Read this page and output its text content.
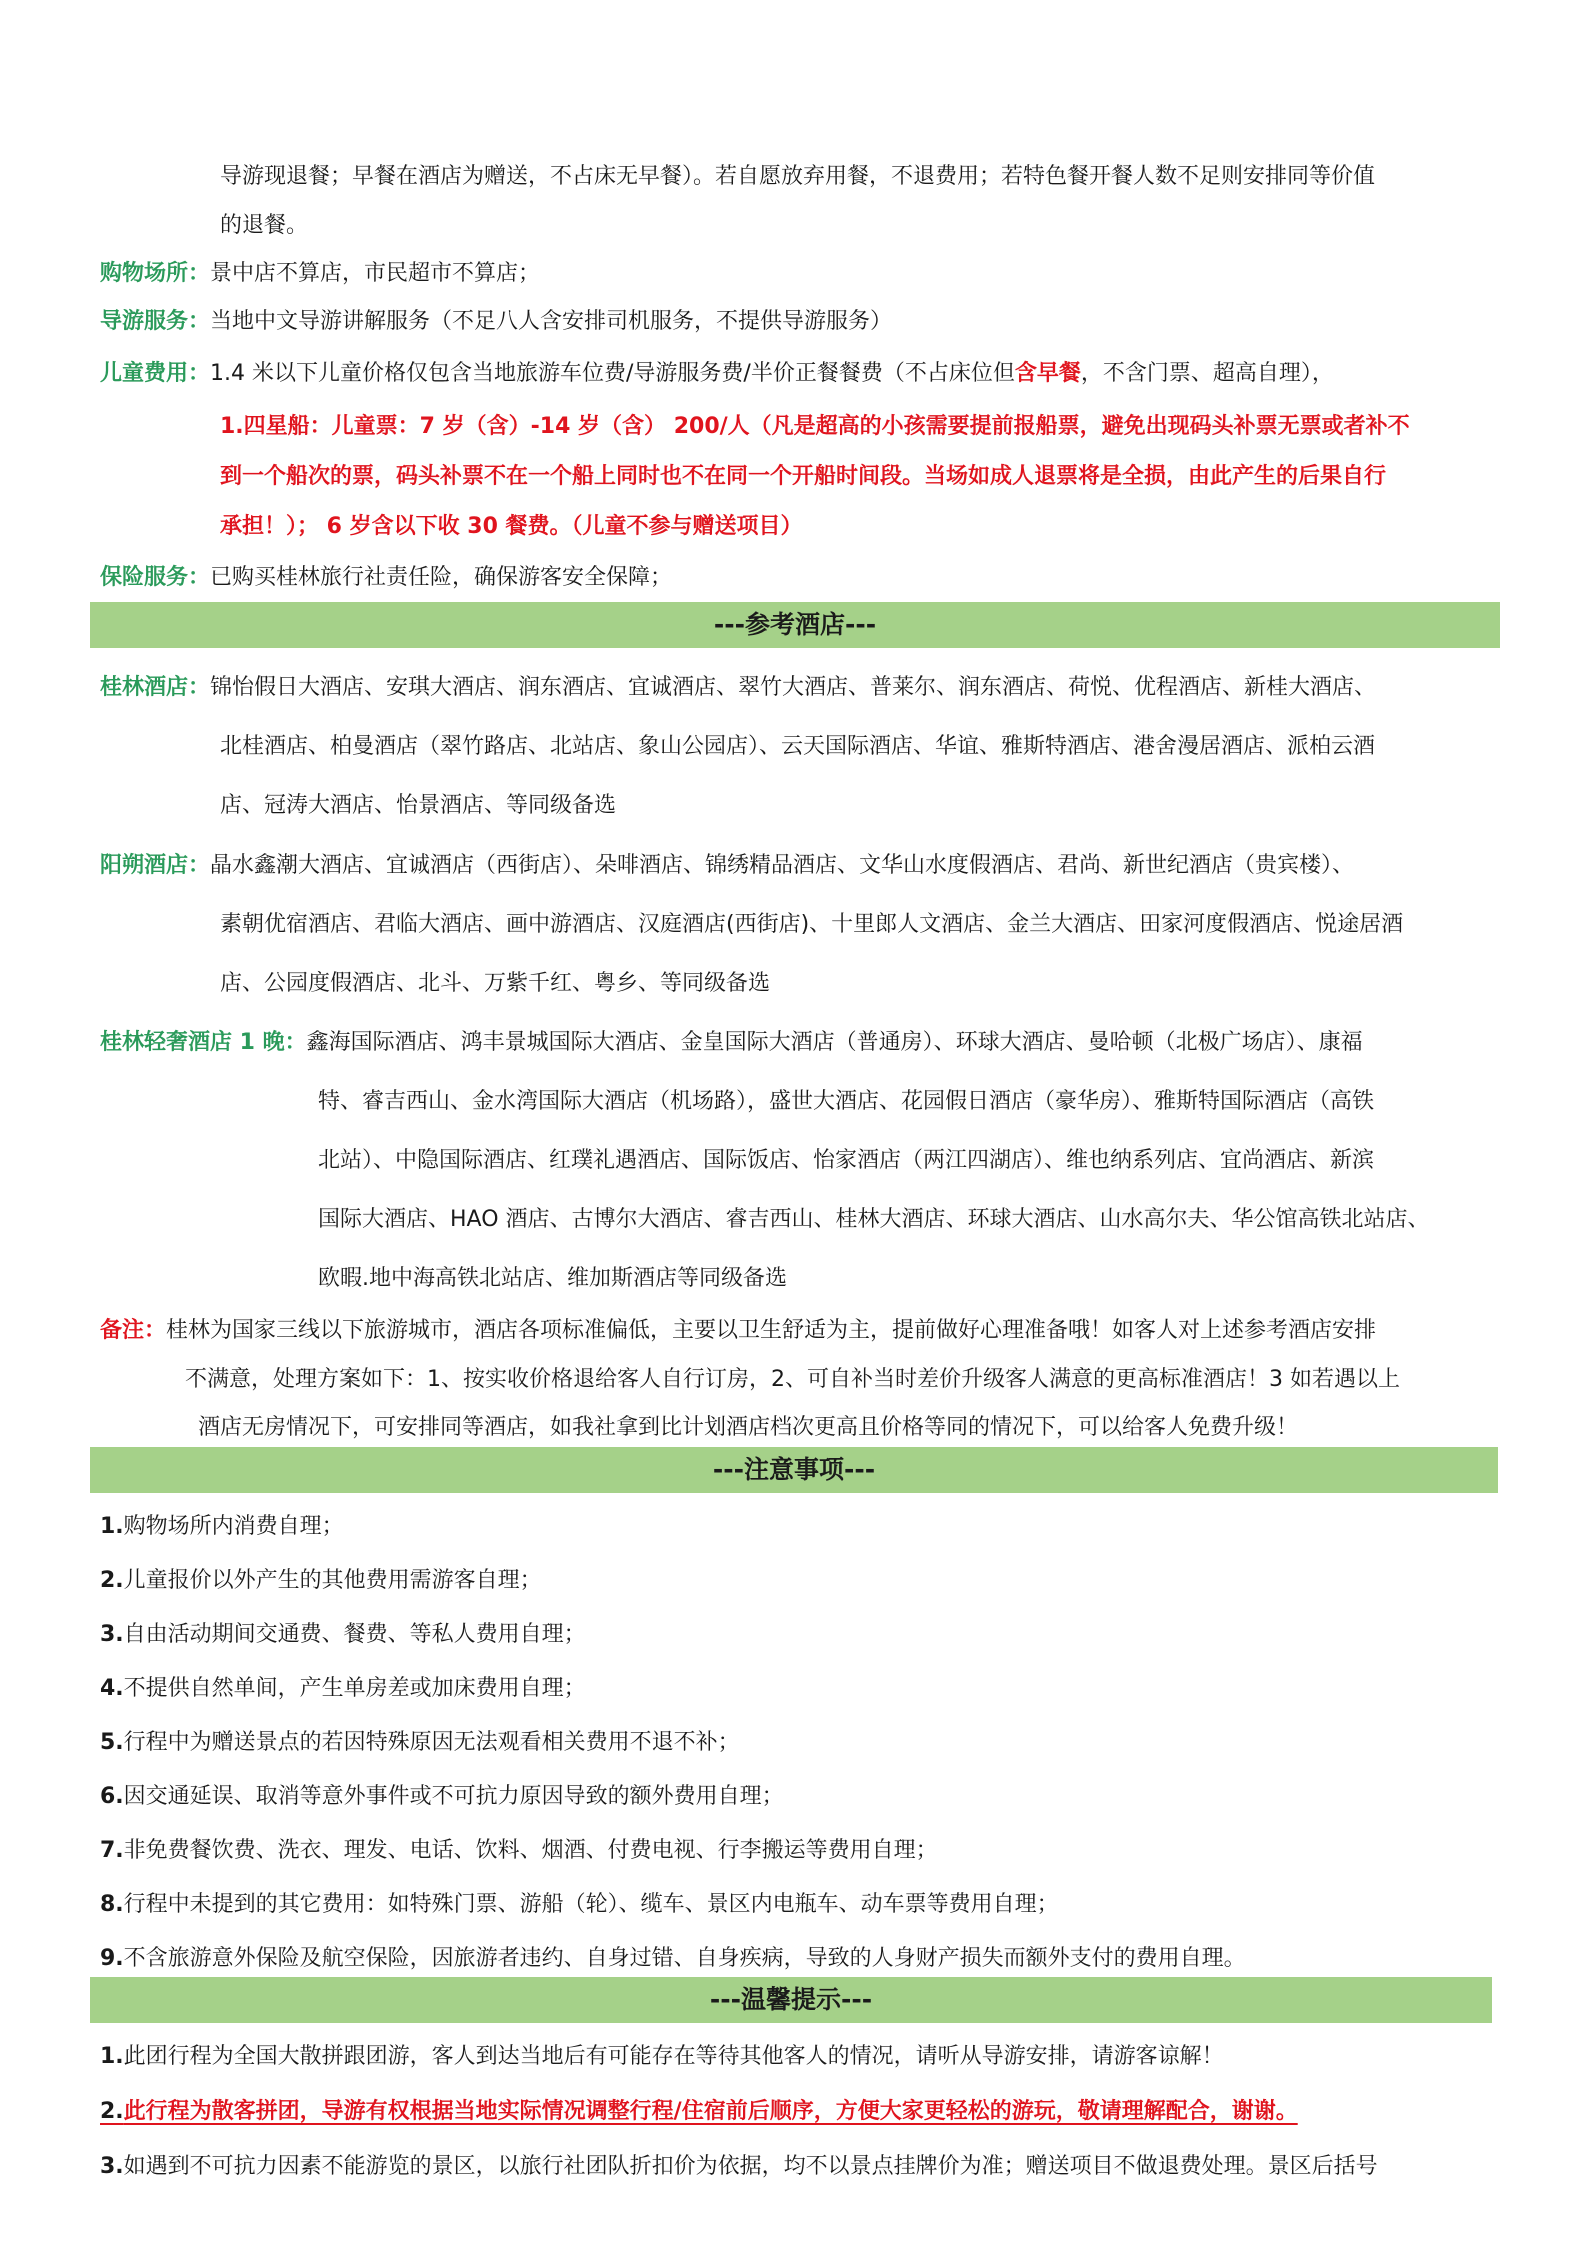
导游现退餐；早餐在酒店为赠送，不占床无早餐）。若自愿放弃用餐，不退费用；若特色餐开餐人数不足则安排同等价值
的退餐。
购物场所：景中店不算店，市民超市不算店；
导游服务：当地中文导游讲解服务（不足八人含安排司机服务，不提供导游服务）
儿童费用：1.4 米以下儿童价格仅包含当地旅游车位费/导游服务费/半价正餐餐费（不占床位但含早餐，不含门票、超高自理），
1.四星船：儿童票：7 岁（含）-14 岁（含） 200/人（凡是超高的小孩需要提前报船票，避免出现码头补票无票或者补不
到一个船次的票，码头补票不在一个船上同时也不在同一个开船时间段。当场如成人退票将是全损，由此产生的后果自行
承担！）； 6 岁含以下收 30 餐费。（儿童不参与赠送项目）
保险服务：已购买桂林旅行社责任险，确保游客安全保障；
---参考酒店---
桂林酒店：锦怡假日大酒店、安琪大酒店、润东酒店、宜诚酒店、翠竹大酒店、普莱尔、润东酒店、荷悦、优程酒店、新桂大酒店、
北桂酒店、柏曼酒店（翠竹路店、北站店、象山公园店）、云天国际酒店、华谊、雅斯特酒店、港舍漫居酒店、派柏云酒
店、冠涛大酒店、怡景酒店、等同级备选
阳朔酒店：晶水鑫潮大酒店、宜诚酒店（西街店）、朵啡酒店、锦绣精品酒店、文华山水度假酒店、君尚、新世纪酒店（贵宾楼）、
素朝优宿酒店、君临大酒店、画中游酒店、汉庭酒店(西街店)、十里郎人文酒店、金兰大酒店、田家河度假酒店、悦途居酒
店、公园度假酒店、北斗、万紫千红、粤乡、等同级备选
桂林轻奢酒店 1 晚：鑫海国际酒店、鸿丰景城国际大酒店、金皇国际大酒店（普通房）、环球大酒店、曼哈顿（北极广场店）、康福
特、睿吉西山、金水湾国际大酒店（机场路），盛世大酒店、花园假日酒店（豪华房）、雅斯特国际酒店（高铁
北站）、中隐国际酒店、红璞礼遇酒店、国际饭店、怡家酒店（两江四湖店）、维也纳系列店、宜尚酒店、新滨
国际大酒店、HAO 酒店、古博尔大酒店、睿吉西山、桂林大酒店、环球大酒店、山水高尔夫、华公馆高铁北站店、
欧暇.地中海高铁北站店、维加斯酒店等同级备选
备注：桂林为国家三线以下旅游城市，酒店各项标准偏低，主要以卫生舒适为主，提前做好心理准备哦！如客人对上述参考酒店安排
不满意，处理方案如下：1、按实收价格退给客人自行订房，2、可自补当时差价升级客人满意的更高标准酒店！3 如若遇以上
酒店无房情况下，可安排同等酒店，如我社拿到比计划酒店档次更高且价格等同的情况下，可以给客人免费升级！
---注意事项---
1.购物场所内消费自理；
2.儿童报价以外产生的其他费用需游客自理；
3.自由活动期间交通费、餐费、等私人费用自理；
4.不提供自然单间，产生单房差或加床费用自理；
5.行程中为赠送景点的若因特殊原因无法观看相关费用不退不补；
6.因交通延误、取消等意外事件或不可抗力原因导致的额外费用自理；
7.非免费餐饮费、洗衣、理发、电话、饮料、烟酒、付费电视、行李搬运等费用自理；
8.行程中未提到的其它费用：如特殊门票、游船（轮）、缆车、景区内电瓶车、动车票等费用自理；
9.不含旅游意外保险及航空保险，因旅游者违约、自身过错、自身疾病，导致的人身财产损失而额外支付的费用自理。
---温馨提示---
1.此团行程为全国大散拼跟团游，客人到达当地后有可能存在等待其他客人的情况，请听从导游安排，请游客谅解！
2.此行程为散客拼团，导游有权根据当地实际情况调整行程/住宿前后顺序，方便大家更轻松的游玩，敬请理解配合，谢谢。
3.如遇到不可抗力因素不能游览的景区，以旅行社团队折扣价为依据，均不以景点挂牌价为准；赠送项目不做退费处理。景区后括号
